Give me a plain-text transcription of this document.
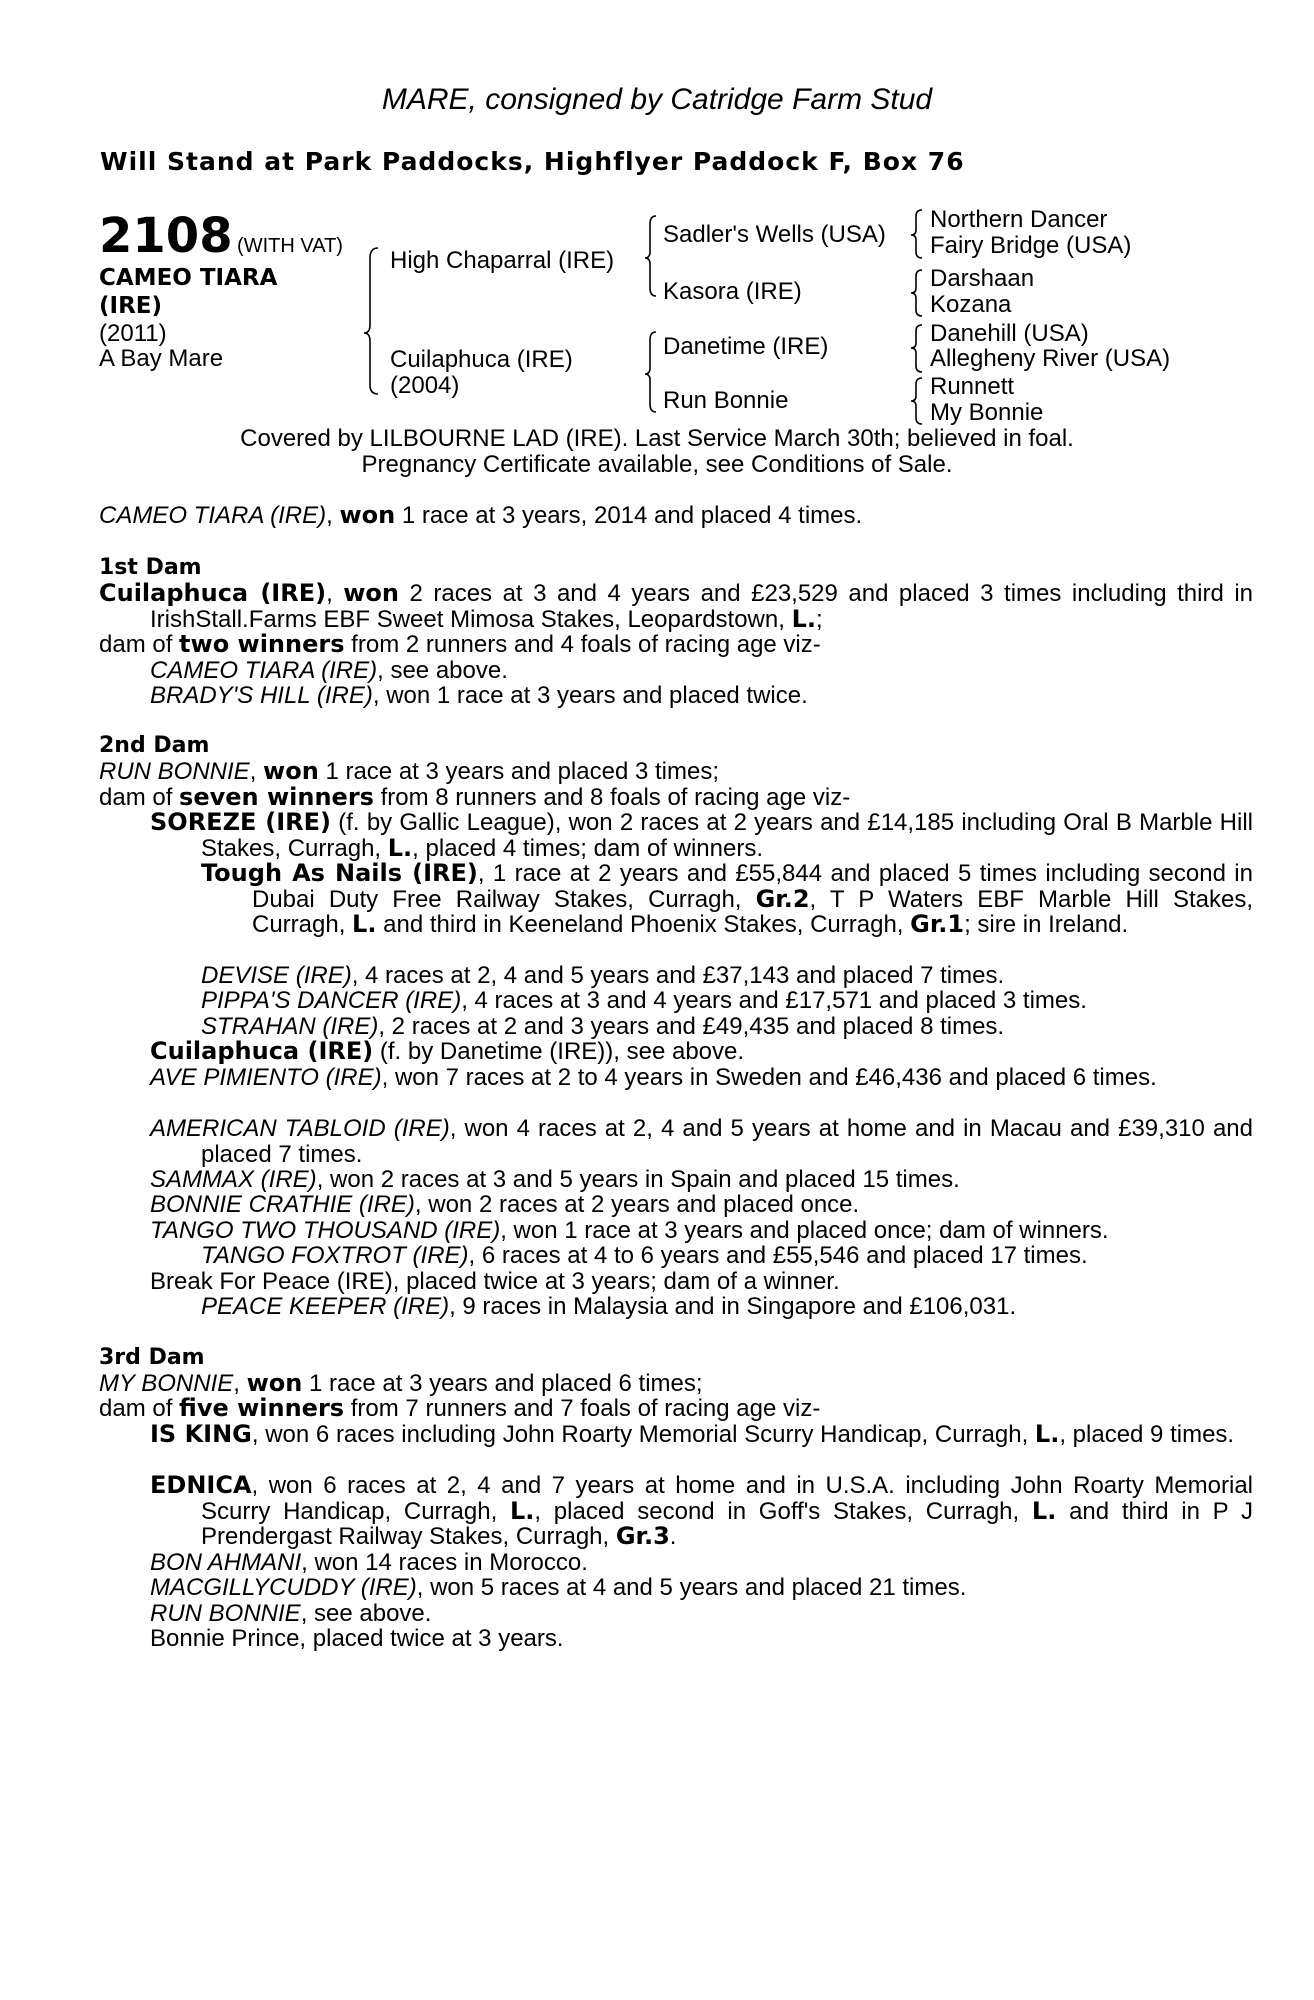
MARE, consigned by Catridge Farm Stud
Will Stand at Park Paddocks, Highflyer Paddock F, Box 76
2108 (WITH VAT)
CAMEO TIARA
(IRE)
(2011)
A Bay Mare
High Chaparral (IRE)
Cuilaphuca (IRE)
(2004)
Sadler's Wells (USA)
Kasora (IRE)
Danetime (IRE)
Run Bonnie
Northern Dancer
Fairy Bridge (USA)
Darshaan
Kozana
Danehill (USA)
Allegheny River (USA)
Runnett
My Bonnie
Covered by LILBOURNE LAD (IRE). Last Service March 30th; believed in foal.
Pregnancy Certificate available, see Conditions of Sale.
CAMEO TIARA (IRE), won 1 race at 3 years, 2014 and placed 4 times.
1st Dam
Cuilaphuca (IRE), won 2 races at 3 and 4 years and £23,529 and placed 3 times including third in IrishStall.Farms EBF Sweet Mimosa Stakes, Leopardstown, L.;
dam of two winners from 2 runners and 4 foals of racing age viz-
CAMEO TIARA (IRE), see above.
BRADY'S HILL (IRE), won 1 race at 3 years and placed twice.
2nd Dam
RUN BONNIE, won 1 race at 3 years and placed 3 times;
dam of seven winners from 8 runners and 8 foals of racing age viz-
SOREZE (IRE) (f. by Gallic League), won 2 races at 2 years and £14,185 including Oral B Marble Hill Stakes, Curragh, L., placed 4 times; dam of winners.
Tough As Nails (IRE), 1 race at 2 years and £55,844 and placed 5 times including second in Dubai Duty Free Railway Stakes, Curragh, Gr.2, T P Waters EBF Marble Hill Stakes, Curragh, L. and third in Keeneland Phoenix Stakes, Curragh, Gr.1; sire in Ireland.
DEVISE (IRE), 4 races at 2, 4 and 5 years and £37,143 and placed 7 times.
PIPPA'S DANCER (IRE), 4 races at 3 and 4 years and £17,571 and placed 3 times.
STRAHAN (IRE), 2 races at 2 and 3 years and £49,435 and placed 8 times.
Cuilaphuca (IRE) (f. by Danetime (IRE)), see above.
AVE PIMIENTO (IRE), won 7 races at 2 to 4 years in Sweden and £46,436 and placed 6 times.
AMERICAN TABLOID (IRE), won 4 races at 2, 4 and 5 years at home and in Macau and £39,310 and placed 7 times.
SAMMAX (IRE), won 2 races at 3 and 5 years in Spain and placed 15 times.
BONNIE CRATHIE (IRE), won 2 races at 2 years and placed once.
TANGO TWO THOUSAND (IRE), won 1 race at 3 years and placed once; dam of winners.
TANGO FOXTROT (IRE), 6 races at 4 to 6 years and £55,546 and placed 17 times.
Break For Peace (IRE), placed twice at 3 years; dam of a winner.
PEACE KEEPER (IRE), 9 races in Malaysia and in Singapore and £106,031.
3rd Dam
MY BONNIE, won 1 race at 3 years and placed 6 times;
dam of five winners from 7 runners and 7 foals of racing age viz-
IS KING, won 6 races including John Roarty Memorial Scurry Handicap, Curragh, L., placed 9 times.
EDNICA, won 6 races at 2, 4 and 7 years at home and in U.S.A. including John Roarty Memorial Scurry Handicap, Curragh, L., placed second in Goff's Stakes, Curragh, L. and third in P J Prendergast Railway Stakes, Curragh, Gr.3.
BON AHMANI, won 14 races in Morocco.
MACGILLYCUDDY (IRE), won 5 races at 4 and 5 years and placed 21 times.
RUN BONNIE, see above.
Bonnie Prince, placed twice at 3 years.
